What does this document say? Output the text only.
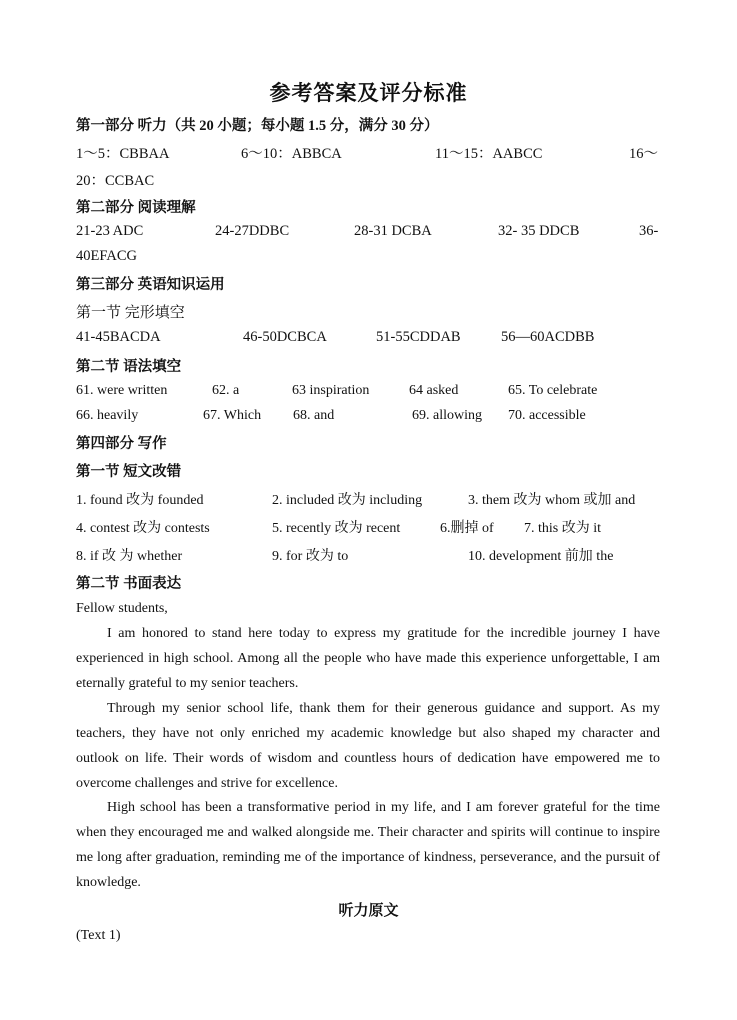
参考答案及评分标准
第一部分 听力（共 20 小题；每小题 1.5 分，满分 30 分）
1～5：CBBAA	6～10：ABBCA	11～15：AABCC	16～
20：CCBAC
第二部分 阅读理解
21-23 ADC	24-27DDBC	28-31 DCBA	32- 35 DDCB	36-
40EFACG
第三部分 英语知识运用
第一节 完形填空
41-45BACDA	46-50DCBCA	51-55CDDAB	56—60ACDBB
第二节 语法填空
61. were written	62. a	63 inspiration	64 asked	65. To celebrate
66. heavily	67. Which 68. and	69. allowing 70. accessible
第四部分 写作
第一节 短文改错
1. found 改为 founded	2. included 改为 including	3. them 改为 whom 或加 and
4. contest 改为 contests	5. recently 改为 recent	6.删掉 of 7. this 改为 it
8. if 改 为 whether	9. for 改为 to	10. development 前加 the
第二节 书面表达
Fellow students,
I am honored to stand here today to express my gratitude for the incredible journey I have experienced in high school. Among all the people who have made this experience unforgettable, I am eternally grateful to my senior teachers.
Through my senior school life, thank them for their generous guidance and support. As my teachers, they have not only enriched my academic knowledge but also shaped my character and outlook on life. Their words of wisdom and countless hours of dedication have empowered me to overcome challenges and strive for excellence.
High school has been a transformative period in my life, and I am forever grateful for the time when they encouraged me and walked alongside me. Their character and spirits will continue to inspire me long after graduation, reminding me of the importance of kindness, perseverance, and the pursuit of knowledge.
听力原文
(Text 1)
